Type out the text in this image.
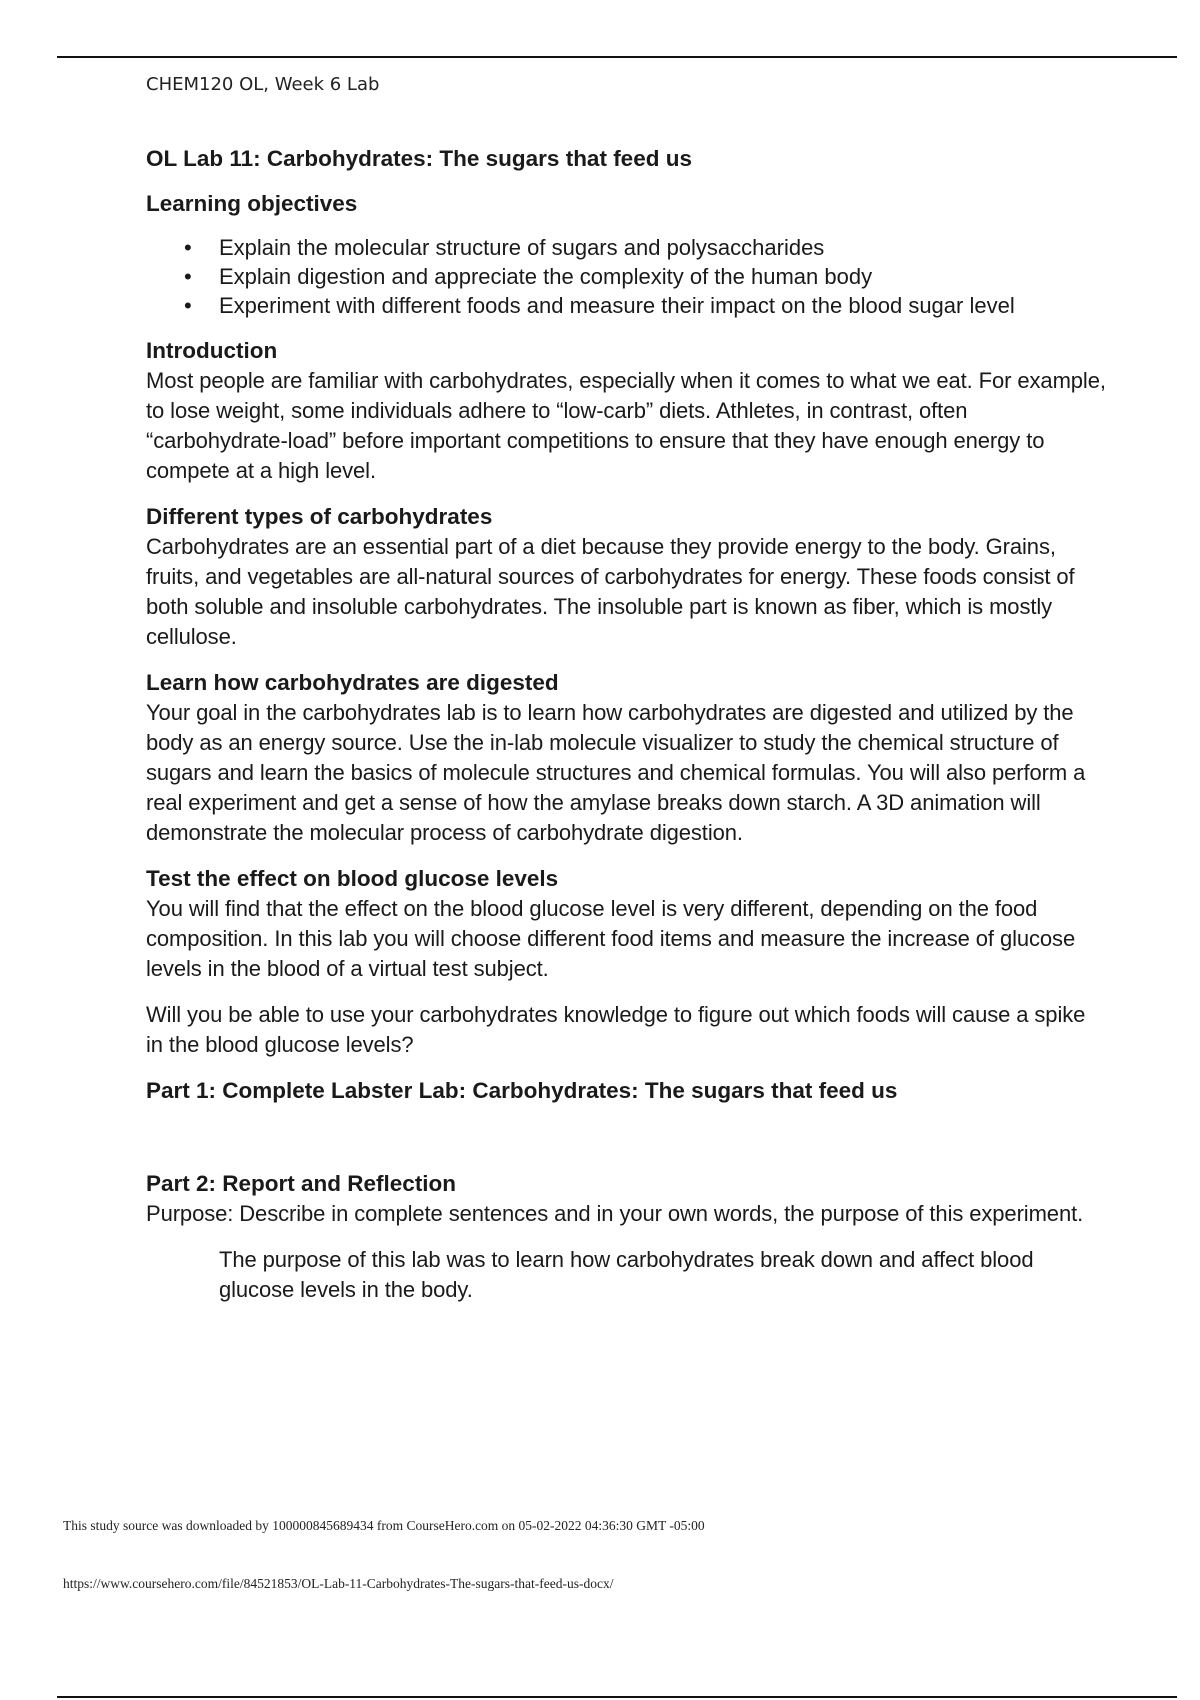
CHEM120 OL, Week 6 Lab
OL Lab 11: Carbohydrates: The sugars that feed us
Learning objectives
• Explain the molecular structure of sugars and polysaccharides
• Explain digestion and appreciate the complexity of the human body
• Experiment with different foods and measure their impact on the blood sugar level
Introduction

Most people are familiar with carbohydrates, especially when it comes to what we eat. For example, to lose weight, some individuals adhere to “low-carb” diets. Athletes, in contrast, often “carbohydrate-load” before important competitions to ensure that they have enough energy to compete at a high level.

Different types of carbohydrates

Carbohydrates are an essential part of a diet because they provide energy to the body. Grains, fruits, and vegetables are all-natural sources of carbohydrates for energy. These foods consist of both soluble and insoluble carbohydrates. The insoluble part is known as fiber, which is mostly cellulose.

Learn how carbohydrates are digested

Your goal in the carbohydrates lab is to learn how carbohydrates are digested and utilized by the body as an energy source. Use the in-lab molecule visualizer to study the chemical structure of sugars and learn the basics of molecule structures and chemical formulas. You will also perform a real experiment and get a sense of how the amylase breaks down starch. A 3D animation will demonstrate the molecular process of carbohydrate digestion.

Test the effect on blood glucose levels

You will find that the effect on the blood glucose level is very different, depending on the food composition. In this lab you will choose different food items and measure the increase of glucose levels in the blood of a virtual test subject.

Will you be able to use your carbohydrates knowledge to figure out which foods will cause a spike in the blood glucose levels?

Part 1: Complete Labster Lab: Carbohydrates: The sugars that feed us
Part 2: Report and Reflection

Purpose: Describe in complete sentences and in your own words, the purpose of this experiment.

The purpose of this lab was to learn how carbohydrates break down and affect blood glucose levels in the body.

This study source was downloaded by 100000845689434 from CourseHero.com on 05-02-2022 04:36:30 GMT -05:00
https://www.coursehero.com/file/84521853/OL-Lab-11-Carbohydrates-The-sugars-that-feed-us-docx/
